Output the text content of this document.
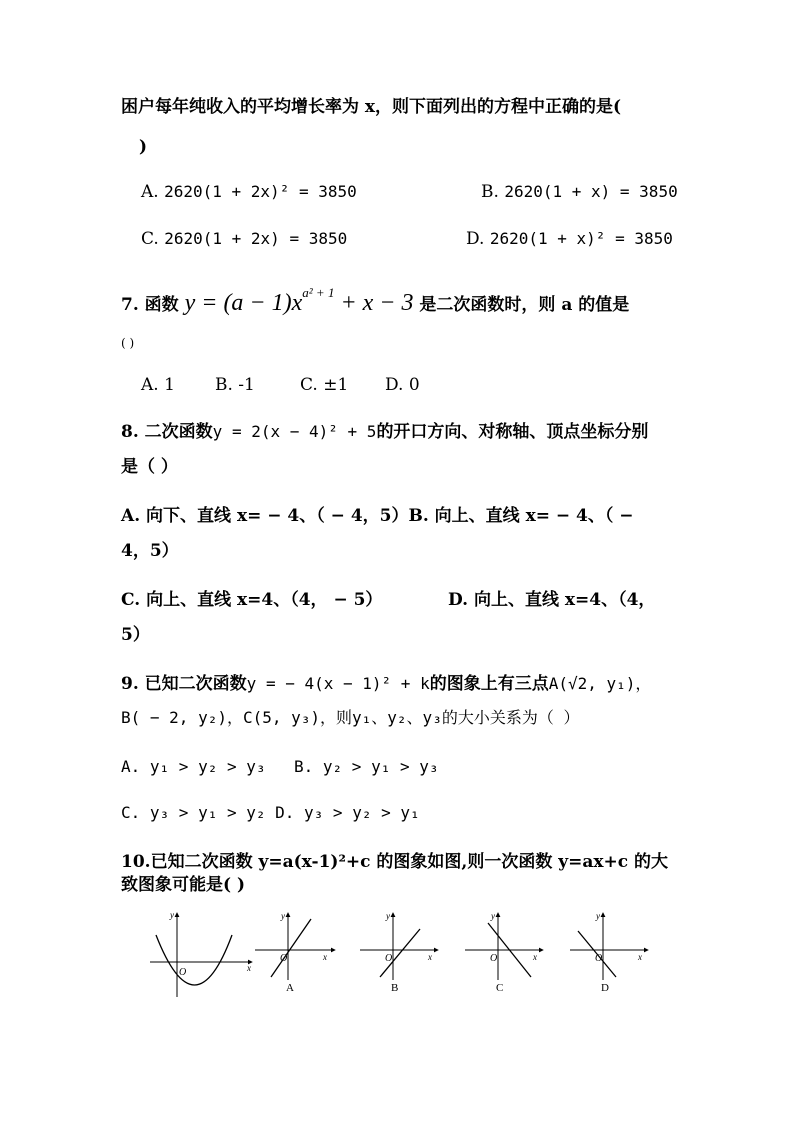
困户每年纯收入的平均增长率为 x，则下面列出的方程中正确的是(
)
A. 2620(1 + 2x)² = 3850	B. 2620(1 + x) = 3850
C. 2620(1 + 2x) = 3850	D. 2620(1 + x)² = 3850
7. 函数 $y = (a - 1)x^{a^2 + 1} + x - 3$ 是二次函数时，则 a 的值是
( )
A. 1 B. -1	C. ±1 D. 0
8. 二次函数y = 2(x − 4)² + 5的开口方向、对称轴、顶点坐标分别
是（ ）
A. 向下、直线 x= − 4、（ − 4，5）B. 向上、直线 x= − 4、（ −
4，5）
C. 向上、直线 x=4、（4， − 5）	D. 向上、直线 x=4、（4，
5）
9. 已知二次函数y = − 4(x − 1)² + k的图象上有三点A(√2, y₁)，
B( − 2, y₂)，C(5, y₃)，则y₁、y₂、y₃的大小关系为（ ）
A. y₁ > y₂ > y₃ B. y₂ > y₁ > y₃
C. y₃ > y₁ > y₂ D. y₃ > y₂ > y₁
10.已知二次函数 y=a(x-1)²+c 的图象如图,则一次函数 y=ax+c 的大
致图象可能是( )
O
y
x
O
y
x
A
O
y
x
B
O
y
x
C
O
y
x
D
